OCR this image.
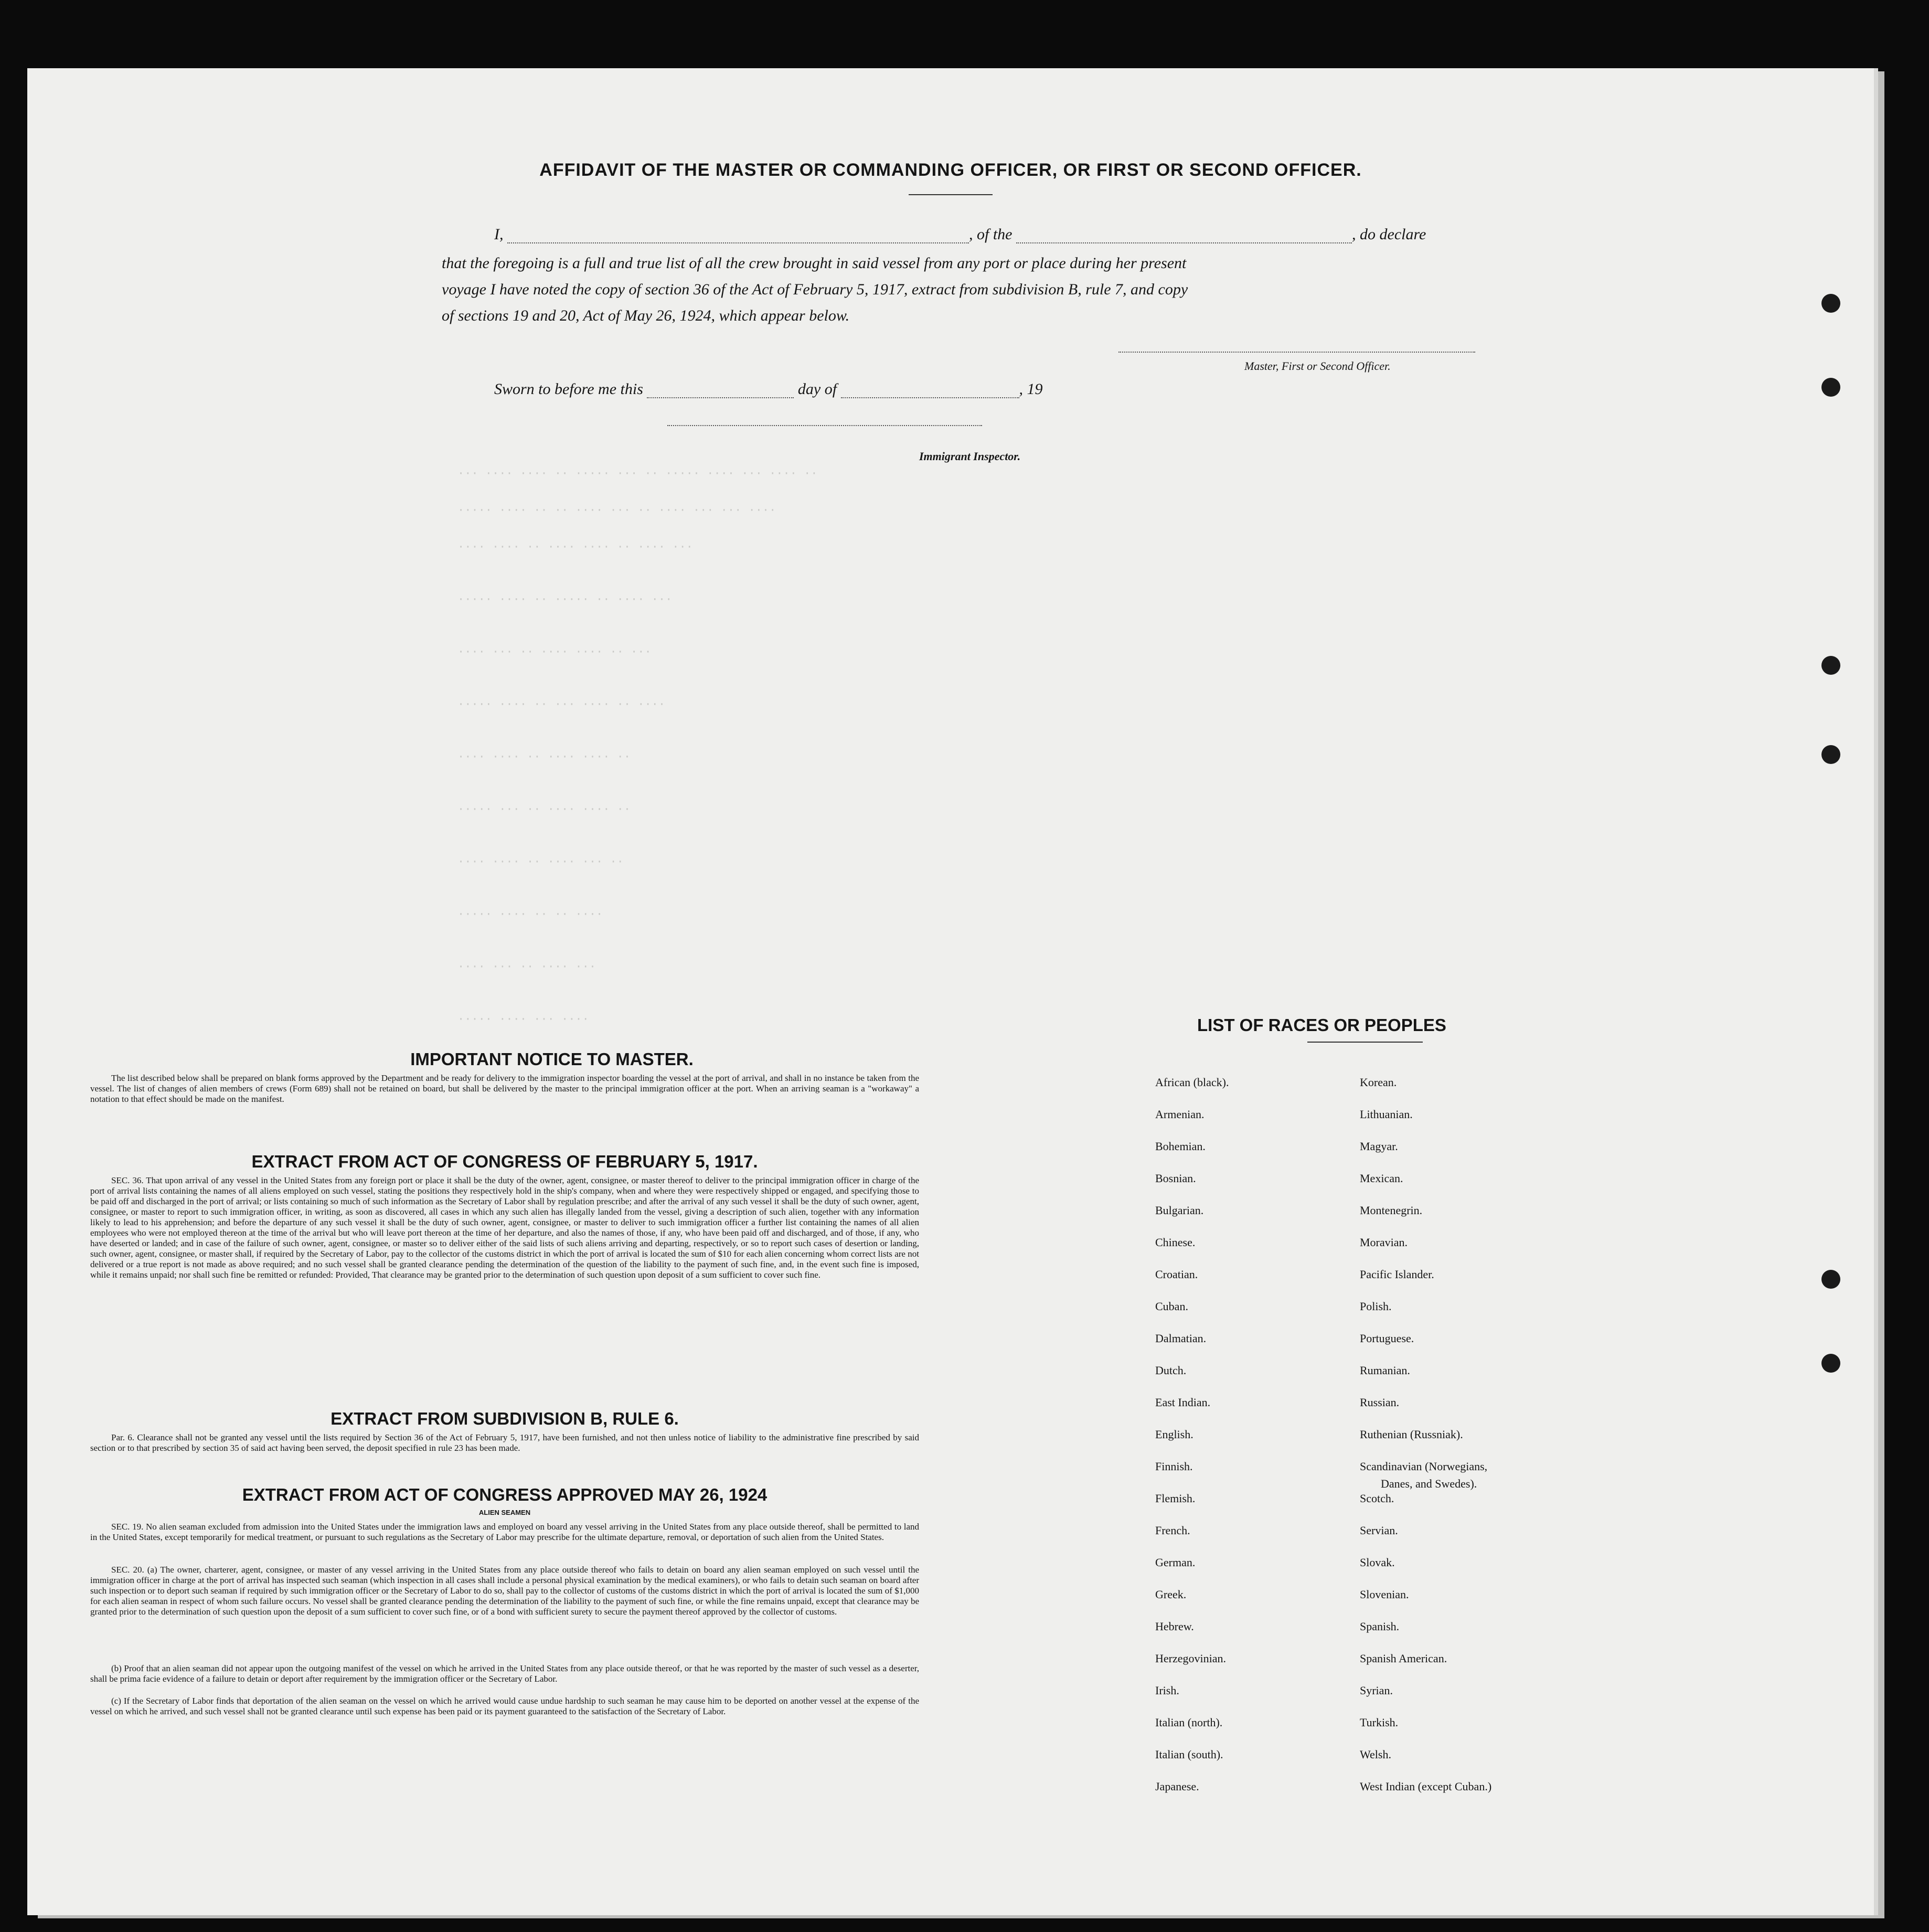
AFFIDAVIT OF THE MASTER OR COMMANDING OFFICER, OR FIRST OR SECOND OFFICER.
I,	, of the	, do declare
that the foregoing is a full and true list of all the crew brought in said vessel from any port or place during her present
voyage I have noted the copy of section 36 of the Act of February 5, 1917, extract from subdivision B, rule 7, and copy
of sections 19 and 20, Act of May 26, 1924, which appear below.
Master, First or Second Officer.
Sworn to before me this	day of	, 19
Immigrant Inspector.
··· ···· ···· ·· ····· ··· ·· ····· ···· ··· ···· ··
····· ···· ·· ·· ···· ··· ·· ···· ··· ··· ····
···· ···· ·· ···· ···· ·· ···· ···
····· ···· ·· ····· ·· ···· ···
···· ··· ·· ···· ···· ·· ···
····· ···· ·· ··· ···· ·· ····
···· ···· ·· ···· ···· ··
····· ··· ·· ···· ···· ··
···· ···· ·· ···· ··· ··
····· ···· ·· ·· ····
···· ··· ·· ···· ···
····· ···· ··· ····
IMPORTANT NOTICE TO MASTER.
The list described below shall be prepared on blank forms approved by the Department and be ready for delivery to the immigration inspector boarding the vessel at the port of arrival, and shall in no instance be taken from the vessel. The list of changes of alien members of crews (Form 689) shall not be retained on board, but shall be delivered by the master to the principal immigration officer at the port. When an arriving seaman is a "workaway" a notation to that effect should be made on the manifest.
EXTRACT FROM ACT OF CONGRESS OF FEBRUARY 5, 1917.
SEC. 36. That upon arrival of any vessel in the United States from any foreign port or place it shall be the duty of the owner, agent, consignee, or master thereof to deliver to the principal immigration officer in charge of the port of arrival lists containing the names of all aliens employed on such vessel, stating the positions they respectively hold in the ship's company, when and where they were respectively shipped or engaged, and specifying those to be paid off and discharged in the port of arrival; or lists containing so much of such information as the Secretary of Labor shall by regulation prescribe; and after the arrival of any such vessel it shall be the duty of such owner, agent, consignee, or master to report to such immigration officer, in writing, as soon as discovered, all cases in which any such alien has illegally landed from the vessel, giving a description of such alien, together with any information likely to lead to his apprehension; and before the departure of any such vessel it shall be the duty of such owner, agent, consignee, or master to deliver to such immigration officer a further list containing the names of all alien employees who were not employed thereon at the time of the arrival but who will leave port thereon at the time of her departure, and also the names of those, if any, who have been paid off and discharged, and of those, if any, who have deserted or landed; and in case of the failure of such owner, agent, consignee, or master so to deliver either of the said lists of such aliens arriving and departing, respectively, or so to report such cases of desertion or landing, such owner, agent, consignee, or master shall, if required by the Secretary of Labor, pay to the collector of the customs district in which the port of arrival is located the sum of $10 for each alien concerning whom correct lists are not delivered or a true report is not made as above required; and no such vessel shall be granted clearance pending the determination of the question of the liability to the payment of such fine, and, in the event such fine is imposed, while it remains unpaid; nor shall such fine be remitted or refunded: Provided, That clearance may be granted prior to the determination of such question upon deposit of a sum sufficient to cover such fine.
EXTRACT FROM SUBDIVISION B, RULE 6.
Par. 6. Clearance shall not be granted any vessel until the lists required by Section 36 of the Act of February 5, 1917, have been furnished, and not then unless notice of liability to the administrative fine prescribed by said section or to that prescribed by section 35 of said act having been served, the deposit specified in rule 23 has been made.
EXTRACT FROM ACT OF CONGRESS APPROVED MAY 26, 1924
ALIEN SEAMEN
SEC. 19. No alien seaman excluded from admission into the United States under the immigration laws and employed on board any vessel arriving in the United States from any place outside thereof, shall be permitted to land in the United States, except temporarily for medical treatment, or pursuant to such regulations as the Secretary of Labor may prescribe for the ultimate departure, removal, or deportation of such alien from the United States.
SEC. 20. (a) The owner, charterer, agent, consignee, or master of any vessel arriving in the United States from any place outside thereof who fails to detain on board any alien seaman employed on such vessel until the immigration officer in charge at the port of arrival has inspected such seaman (which inspection in all cases shall include a personal physical examination by the medical examiners), or who fails to detain such seaman on board after such inspection or to deport such seaman if required by such immigration officer or the Secretary of Labor to do so, shall pay to the collector of customs of the customs district in which the port of arrival is located the sum of $1,000 for each alien seaman in respect of whom such failure occurs. No vessel shall be granted clearance pending the determination of the liability to the payment of such fine, or while the fine remains unpaid, except that clearance may be granted prior to the determination of such question upon the deposit of a sum sufficient to cover such fine, or of a bond with sufficient surety to secure the payment thereof approved by the collector of customs.
(b) Proof that an alien seaman did not appear upon the outgoing manifest of the vessel on which he arrived in the United States from any place outside thereof, or that he was reported by the master of such vessel as a deserter, shall be prima facie evidence of a failure to detain or deport after requirement by the immigration officer or the Secretary of Labor.
(c) If the Secretary of Labor finds that deportation of the alien seaman on the vessel on which he arrived would cause undue hardship to such seaman he may cause him to be deported on another vessel at the expense of the vessel on which he arrived, and such vessel shall not be granted clearance until such expense has been paid or its payment guaranteed to the satisfaction of the Secretary of Labor.
LIST OF RACES OR PEOPLES
African (black).
Armenian.
Bohemian.
Bosnian.
Bulgarian.
Chinese.
Croatian.
Cuban.
Dalmatian.
Dutch.
East Indian.
English.
Finnish.
Flemish.
French.
German.
Greek.
Hebrew.
Herzegovinian.
Irish.
Italian (north).
Italian (south).
Japanese.
Korean.
Lithuanian.
Magyar.
Mexican.
Montenegrin.
Moravian.
Pacific Islander.
Polish.
Portuguese.
Rumanian.
Russian.
Ruthenian (Russniak).
Scandinavian (Norwegians,
Danes, and Swedes).
Scotch.
Servian.
Slovak.
Slovenian.
Spanish.
Spanish American.
Syrian.
Turkish.
Welsh.
West Indian (except Cuban.)
